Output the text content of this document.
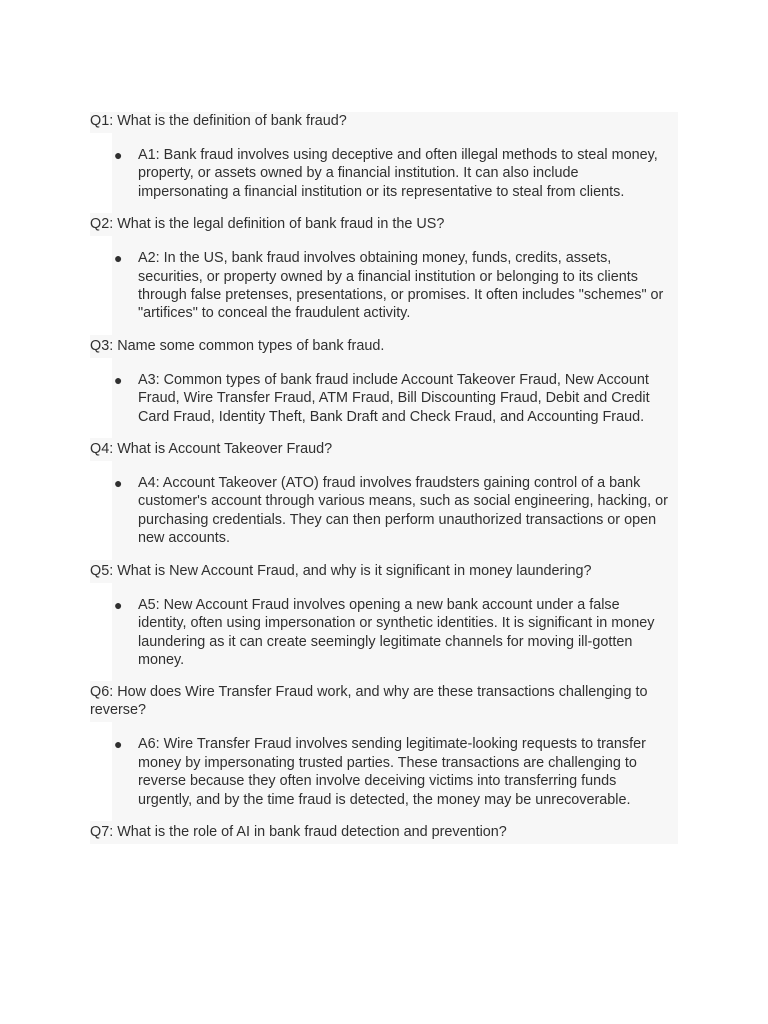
Q1: What is the definition of bank fraud?

●	A1: Bank fraud involves using deceptive and often illegal methods to steal money, property, or assets owned by a financial institution. It can also include impersonating a financial institution or its representative to steal from clients.

Q2: What is the legal definition of bank fraud in the US?

●	A2: In the US, bank fraud involves obtaining money, funds, credits, assets, securities, or property owned by a financial institution or belonging to its clients through false pretenses, presentations, or promises. It often includes "schemes" or "artifices" to conceal the fraudulent activity.

Q3: Name some common types of bank fraud.

●	A3: Common types of bank fraud include Account Takeover Fraud, New Account Fraud, Wire Transfer Fraud, ATM Fraud, Bill Discounting Fraud, Debit and Credit Card Fraud, Identity Theft, Bank Draft and Check Fraud, and Accounting Fraud.

Q4: What is Account Takeover Fraud?

●	A4: Account Takeover (ATO) fraud involves fraudsters gaining control of a bank customer's account through various means, such as social engineering, hacking, or purchasing credentials. They can then perform unauthorized transactions or open new accounts.

Q5: What is New Account Fraud, and why is it significant in money laundering?

●	A5: New Account Fraud involves opening a new bank account under a false identity, often using impersonation or synthetic identities. It is significant in money laundering as it can create seemingly legitimate channels for moving ill-gotten money.

Q6: How does Wire Transfer Fraud work, and why are these transactions challenging to reverse?

●	A6: Wire Transfer Fraud involves sending legitimate-looking requests to transfer money by impersonating trusted parties. These transactions are challenging to reverse because they often involve deceiving victims into transferring funds urgently, and by the time fraud is detected, the money may be unrecoverable.

Q7: What is the role of AI in bank fraud detection and prevention?
